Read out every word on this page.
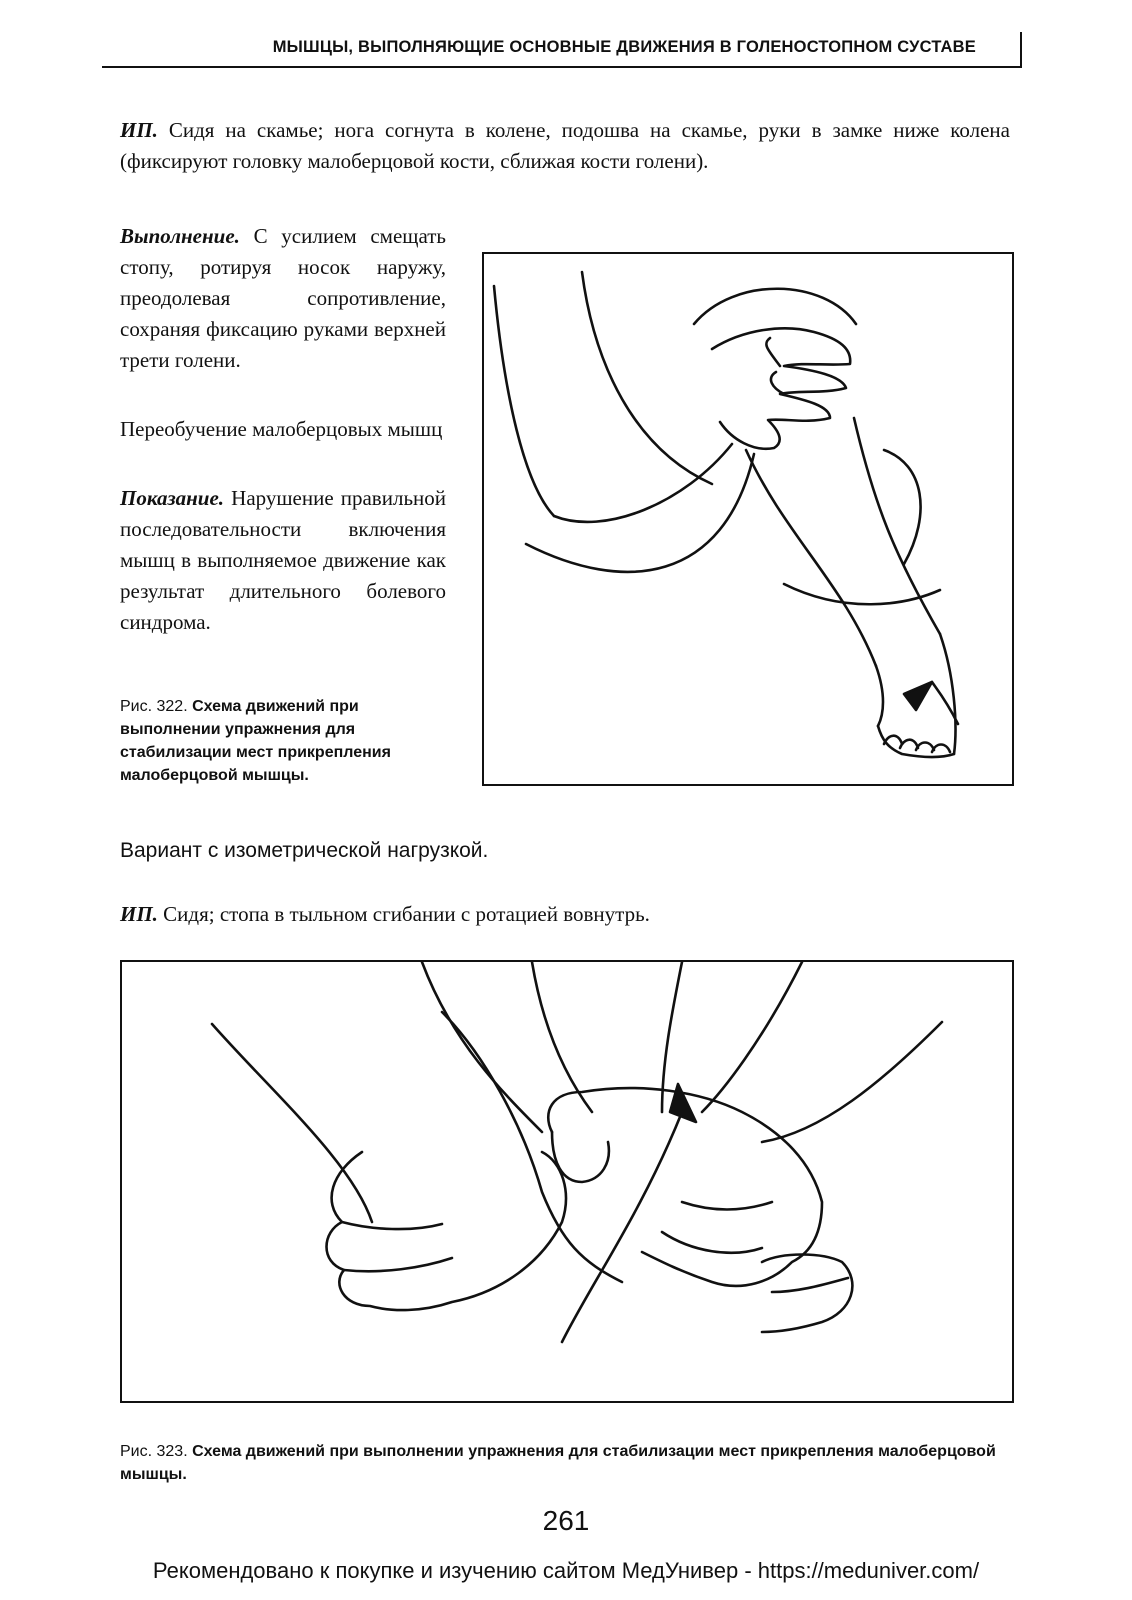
МЫШЦЫ, ВЫПОЛНЯЮЩИЕ ОСНОВНЫЕ ДВИЖЕНИЯ В ГОЛЕНОСТОПНОМ СУСТАВЕ

ИП. Сидя на скамье; нога согнута в колене, подошва на скамье, руки в замке ниже колена (фиксируют головку малоберцовой кости, сближая кости голени).

Выполнение. С усилием смещать стопу, ротируя носок наружу, преодолевая сопротивление, сохраняя фиксацию руками верхней трети голени.

Переобучение малоберцовых мышц

Показание. Нарушение правильной последовательности включения мышц в выполняемое движение как результат длительного болевого синдрома.

Рис. 322. Схема движений при выполнении упражнения для стабилизации мест прикрепления малоберцовой мышцы.
Вариант с изометрической нагрузкой.

ИП. Сидя; стопа в тыльном сгибании с ротацией вовнутрь.

Рис. 323. Схема движений при выполнении упражнения для стабилизации мест прикрепления малоберцовой мышцы.
261
Рекомендовано к покупке и изучению сайтом МедУнивер - https://meduniver.com/
